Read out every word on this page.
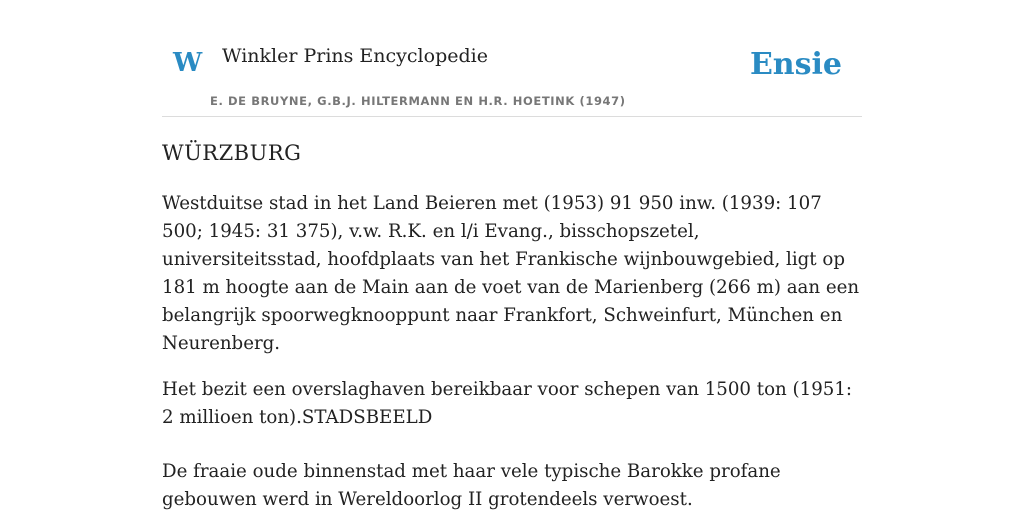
W Winkler Prins Encyclopedie
E. DE BRUYNE, G.B.J. HILTERMANN EN H.R. HOETINK (1947)
Ensie
WÜRZBURG

Westduitse stad in het Land Beieren met (1953) 91 950 inw. (1939: 107 500; 1945: 31 375), v.w. R.K. en l/i Evang., bisschopszetel, universiteitsstad, hoofdplaats van het Frankische wijnbouwgebied, ligt op 181 m hoogte aan de Main aan de voet van de Marienberg (266 m) aan een belangrijk spoorwegknooppunt naar Frankfort, Schweinfurt, München en Neurenberg.

Het bezit een overslaghaven bereikbaar voor schepen van 1500 ton (1951: 2 millioen ton).STADSBEELD

De fraaie oude binnenstad met haar vele typische Barokke profane gebouwen werd in Wereldoorlog II grotendeels verwoest.
